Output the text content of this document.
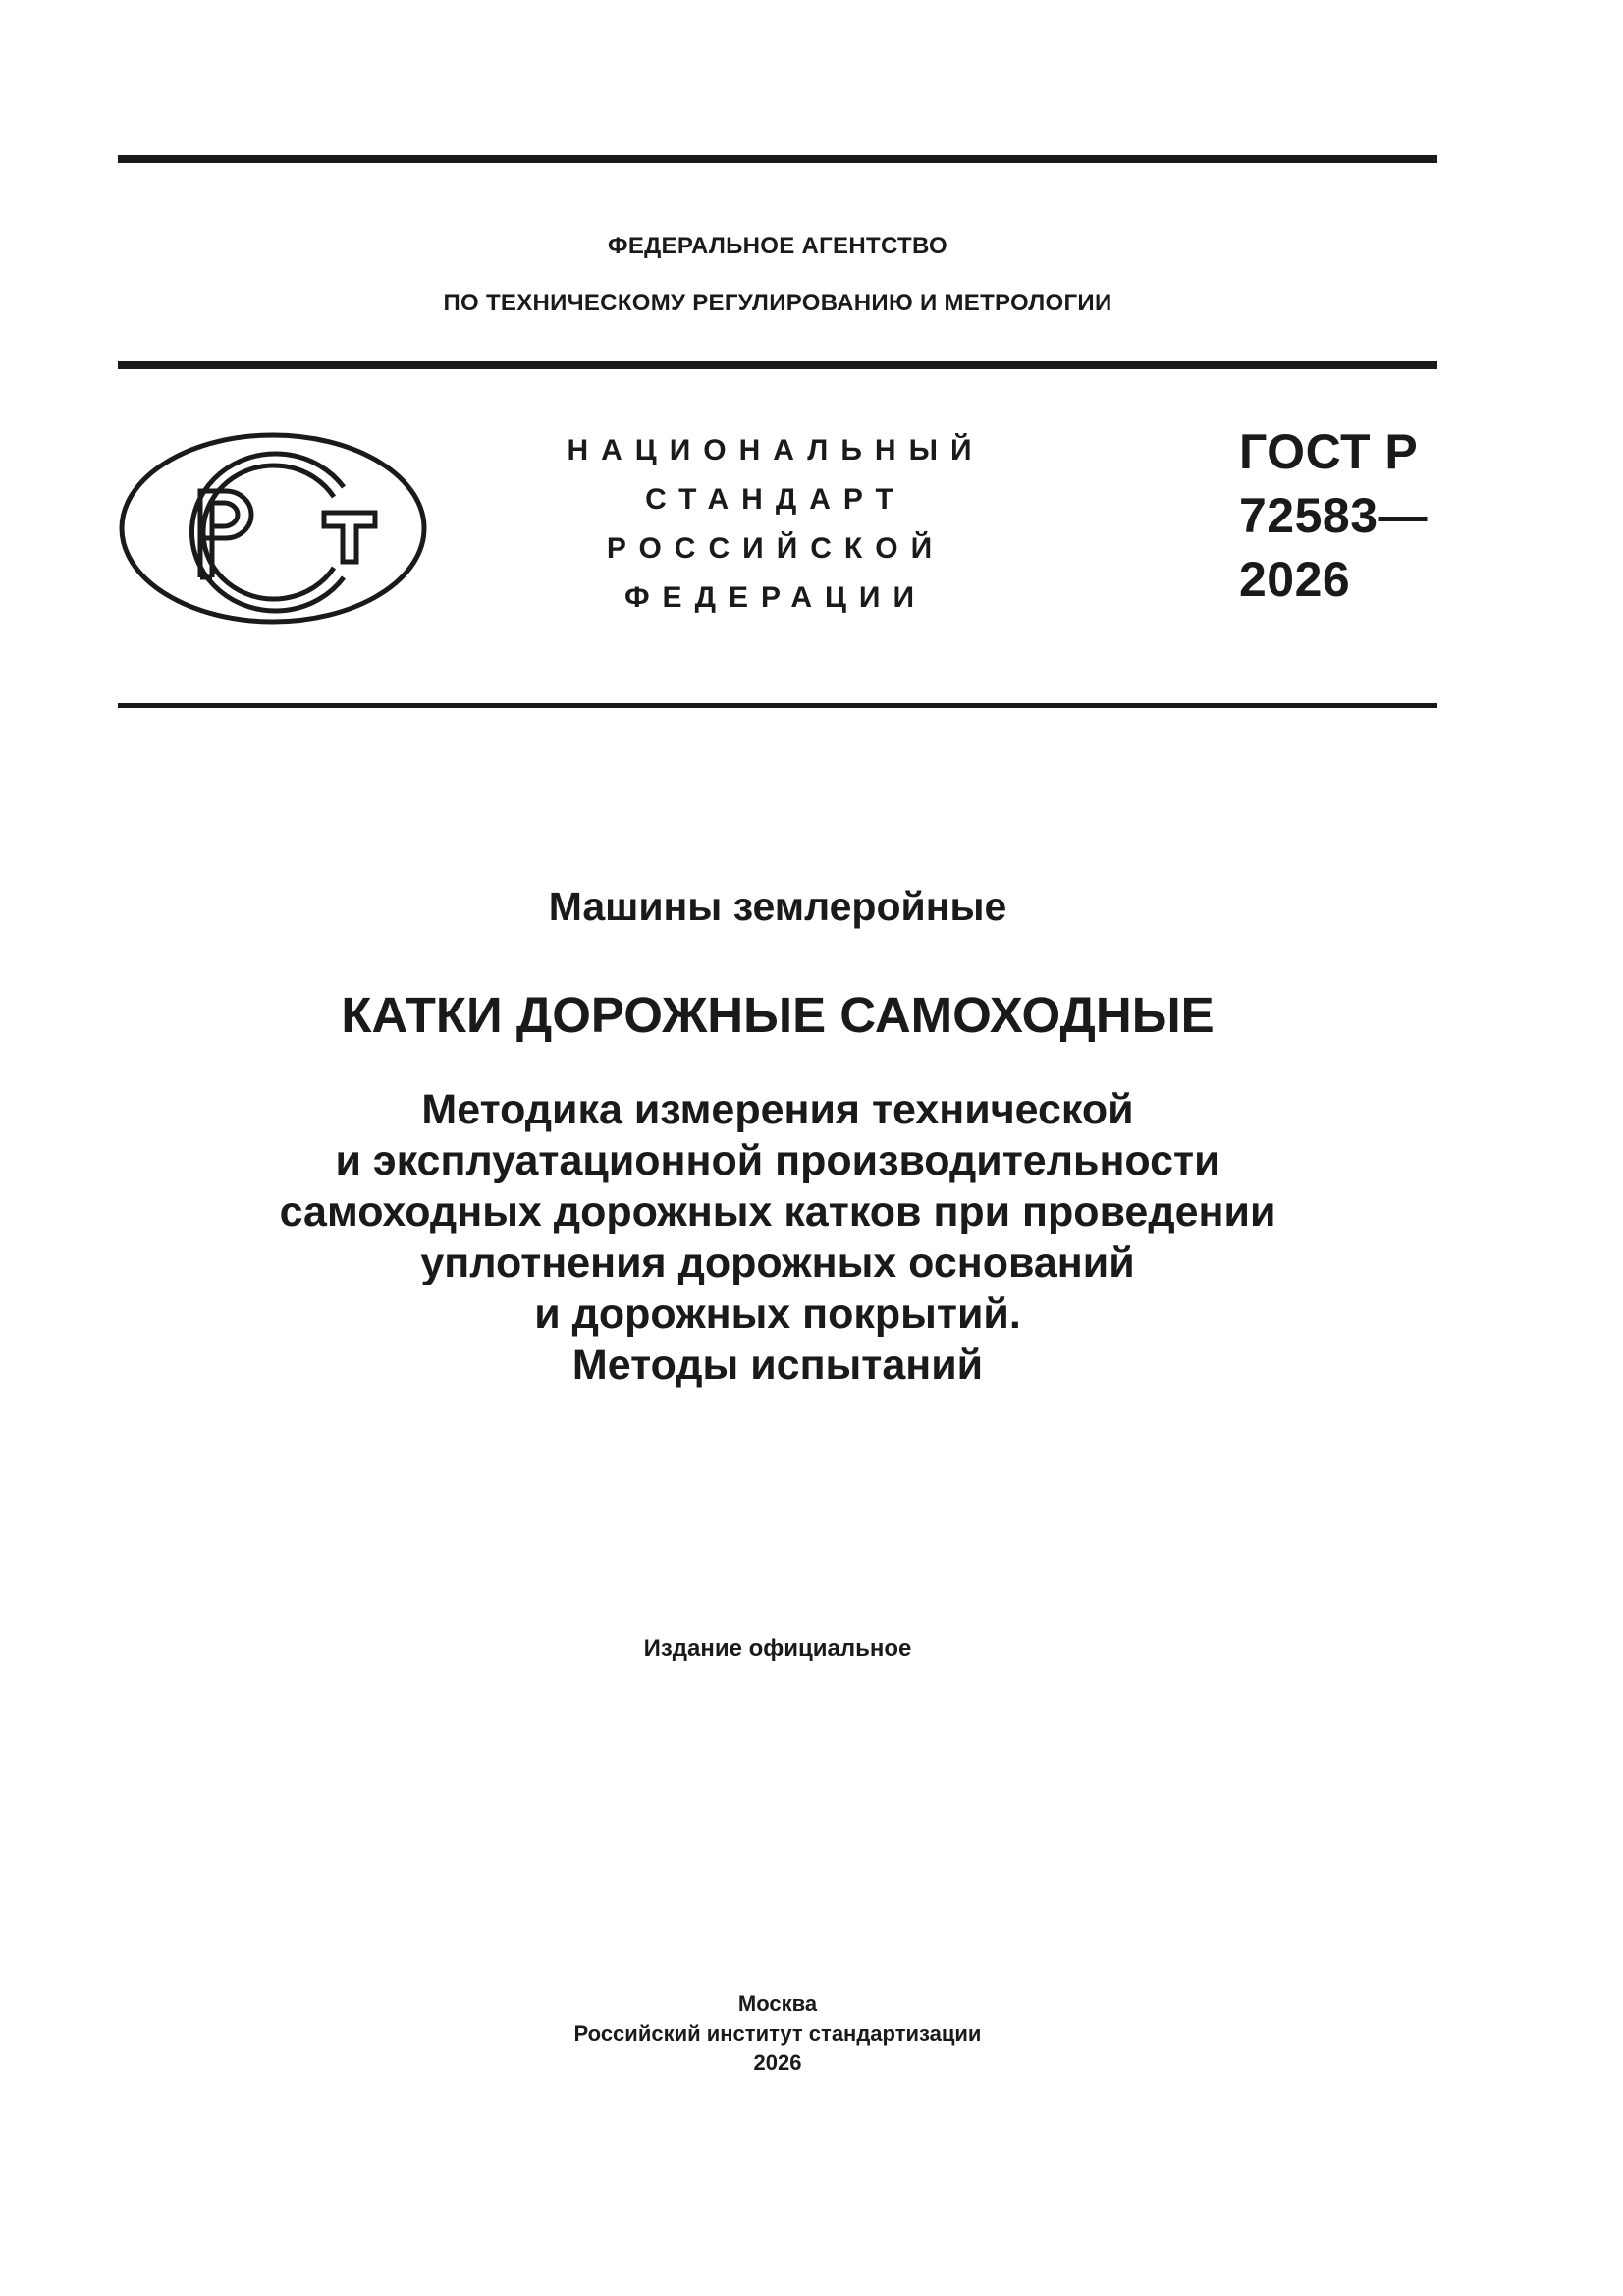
ФЕДЕРАЛЬНОЕ АГЕНТСТВО
ПО ТЕХНИЧЕСКОМУ РЕГУЛИРОВАНИЮ И МЕТРОЛОГИИ
НАЦИОНАЛЬНЫЙ
СТАНДАРТ
РОССИЙСКОЙ
ФЕДЕРАЦИИ
ГОСТ Р
72583—
2026
Машины землеройные
КАТКИ ДОРОЖНЫЕ САМОХОДНЫЕ
Методика измерения технической
и эксплуатационной производительности
самоходных дорожных катков при проведении
уплотнения дорожных оснований
и дорожных покрытий.
Методы испытаний
Издание официальное
Москва
Российский институт стандартизации
2026
